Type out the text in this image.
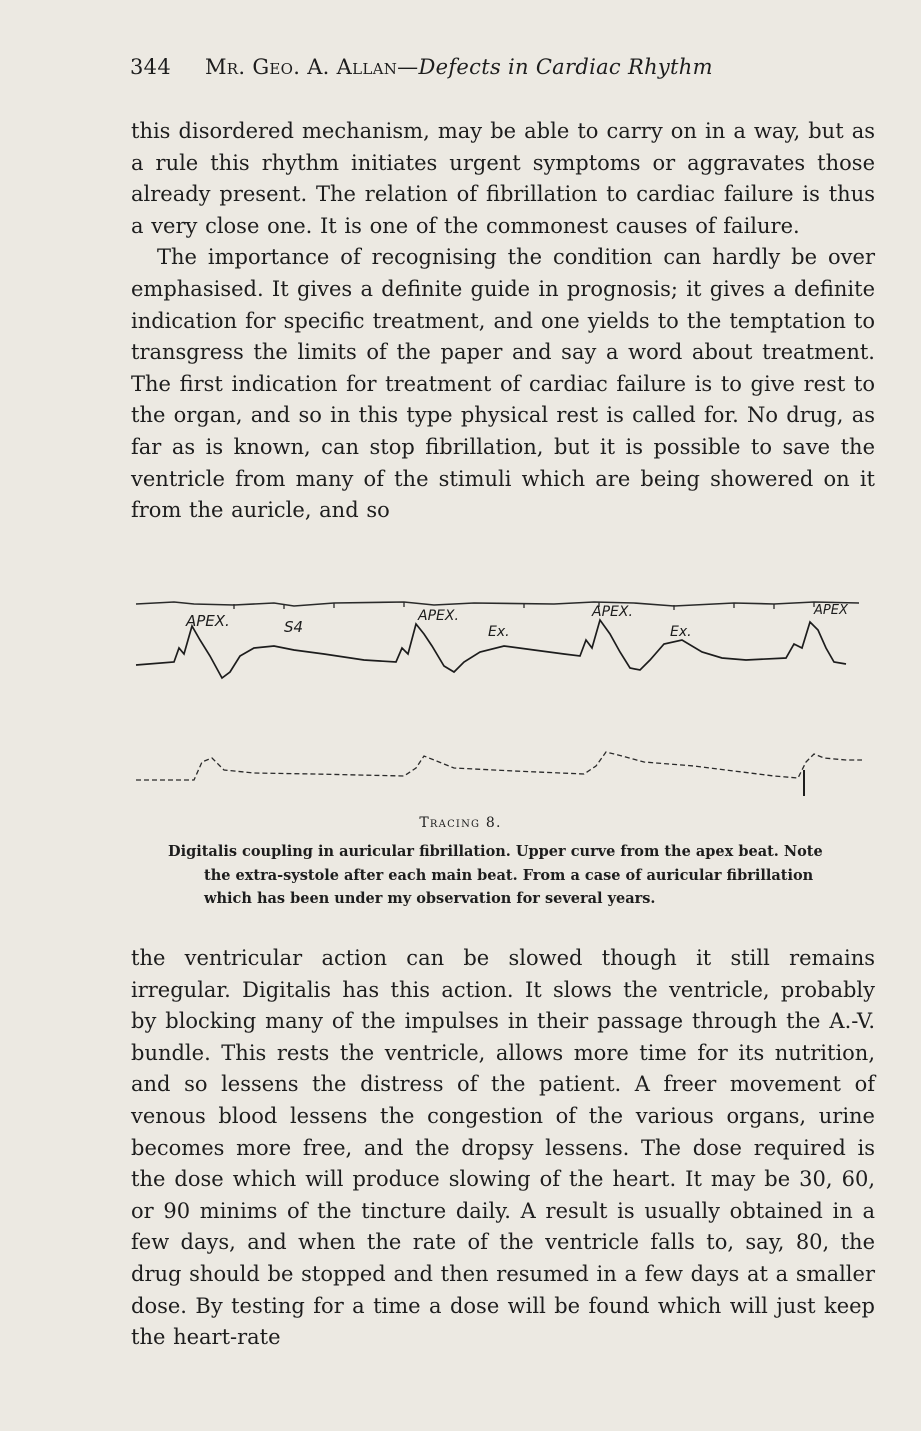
344 Mr. Geo. A. Allan—Defects in Cardiac Rhythm

this disordered mechanism, may be able to carry on in a way, but as a rule this rhythm initiates urgent symptoms or aggravates those already present. The relation of fibrillation to cardiac failure is thus a very close one. It is one of the commonest causes of failure.

The importance of recognising the condition can hardly be over emphasised. It gives a definite guide in prognosis; it gives a definite indication for specific treatment, and one yields to the temptation to transgress the limits of the paper and say a word about treatment. The first indication for treatment of cardiac failure is to give rest to the organ, and so in this type physical rest is called for. No drug, as far as is known, can stop fibrillation, but it is possible to save the ventricle from many of the stimuli which are being showered on it from the auricle, and so

APEX.	S4
APEX.
Ex.
APEX.
Ex.
APEX
Tracing 8.

Digitalis coupling in auricular fibrillation. Upper curve from the apex beat. Note the extra-systole after each main beat. From a case of auricular fibrillation which has been under my observation for several years.

the ventricular action can be slowed though it still remains irregular. Digitalis has this action. It slows the ventricle, probably by blocking many of the impulses in their passage through the A.-V. bundle. This rests the ventricle, allows more time for its nutrition, and so lessens the distress of the patient. A freer movement of venous blood lessens the congestion of the various organs, urine becomes more free, and the dropsy lessens. The dose required is the dose which will produce slowing of the heart. It may be 30, 60, or 90 minims of the tincture daily. A result is usually obtained in a few days, and when the rate of the ventricle falls to, say, 80, the drug should be stopped and then resumed in a few days at a smaller dose. By testing for a time a dose will be found which will just keep the heart-rate
